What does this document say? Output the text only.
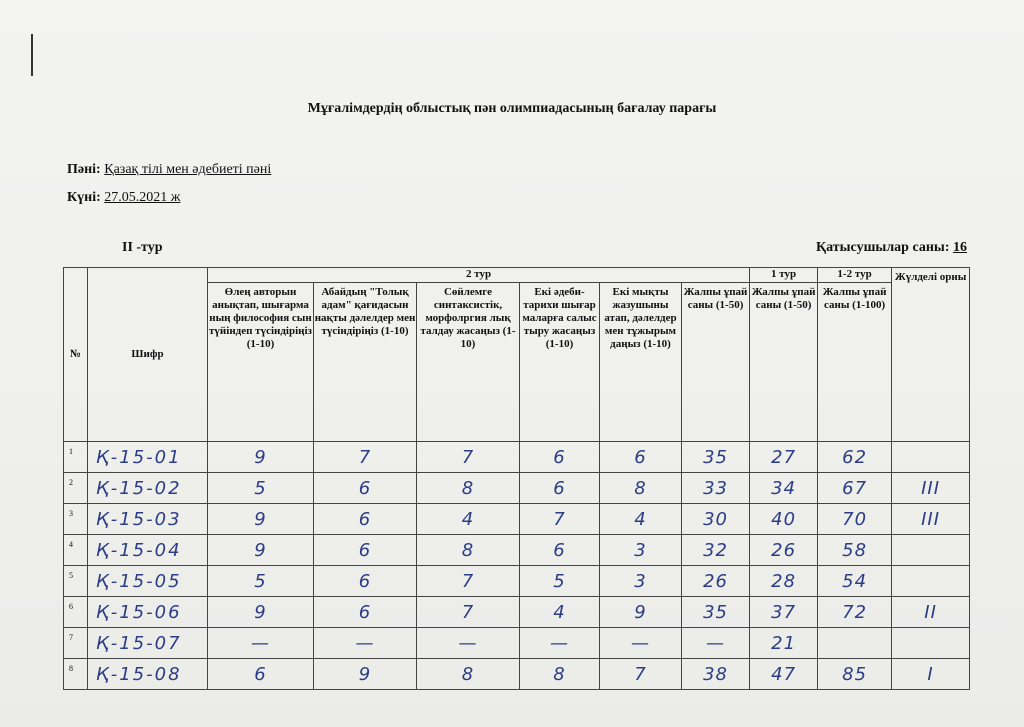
Мұғалімдердің облыстық пән олимпиадасының бағалау парағы
Пәні: Қазақ тілі мен әдебиеті пәні
Күні: 27.05.2021 ж
II -тур	Қатысушылар саны: 16
№	Шифр	2 тур						1 тур	1-2 тур	Жүлделі орны
		Өлең авторын анықтап, шығарма ның философия сын түйіндеп түсіндіріңіз (1-10)	Абайдың "Толық адам" қағидасын нақты дәлелдер мен түсіндіріңіз (1-10)	Сөйлемге синтаксистік, морфолргия лық талдау жасаңыз (1-10)	Екі әдеби-тарихи шығар маларға салыс тыру жасаңыз (1-10)	Екі мықты жазушыны атап, дәлелдер мен тұжырым даңыз (1-10)	Жалпы ұпай саны (1-50)	Жалпы ұпай саны (1-50)	Жалпы ұпай саны (1-100)	
1	Қ-15-01	9	7	7	6	6	35	27	62	
2	Қ-15-02	5	6	8	6	8	33	34	67	III
3	Қ-15-03	9	6	4	7	4	30	40	70	III
4	Қ-15-04	9	6	8	6	3	32	26	58	
5	Қ-15-05	5	6	7	5	3	26	28	54	
6	Қ-15-06	9	6	7	4	9	35	37	72	II
7	Қ-15-07	—	—	—	—	—	—	21		
8	Қ-15-08	6	9	8	8	7	38	47	85	I
